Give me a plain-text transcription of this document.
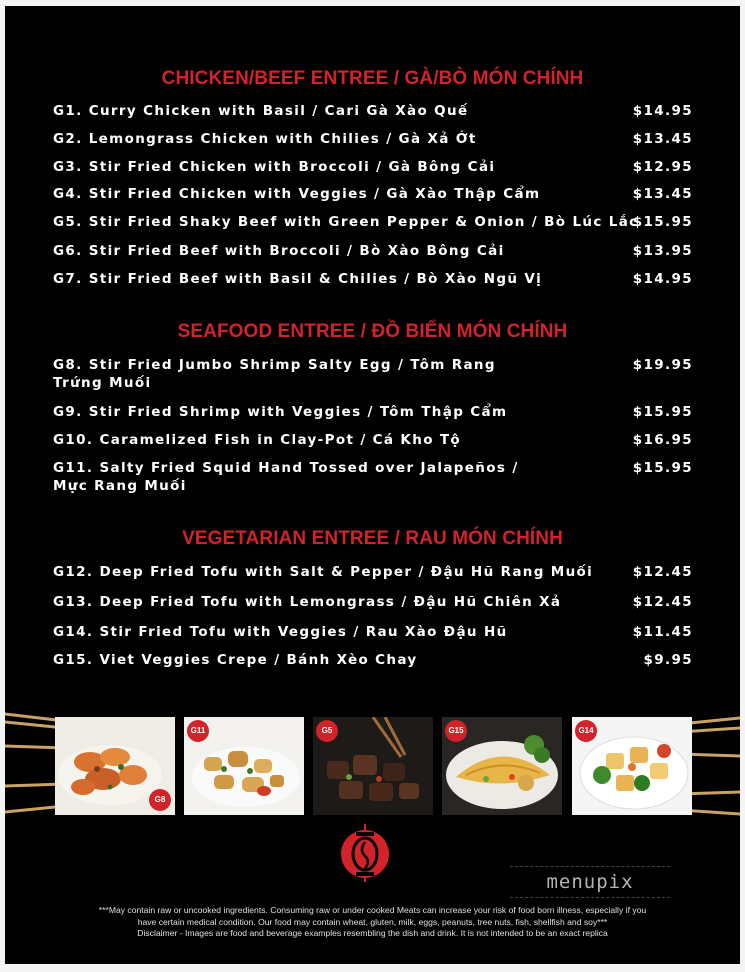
CHICKEN/BEEF ENTREE / GÀ/BÒ MÓN CHÍNH
G1. Curry Chicken with Basil / Cari Gà Xào Quế	$14.95
G2. Lemongrass Chicken with Chilies / Gà Xả Ớt	$13.45
G3. Stir Fried Chicken with Broccoli / Gà Bông Cải	$12.95
G4. Stir Fried Chicken with Veggies / Gà Xào Thập Cẩm	$13.45
G5. Stir Fried Shaky Beef with Green Pepper & Onion / Bò Lúc Lắc
$15.95
G6. Stir Fried Beef with Broccoli / Bò Xào Bông Cải	$13.95
G7. Stir Fried Beef with Basil & Chilies / Bò Xào Ngũ Vị	$14.95
SEAFOOD ENTREE / ĐỒ BIỂN MÓN CHÍNH
G8. Stir Fried Jumbo Shrimp Salty Egg / Tôm Rang
Trứng Muối
$19.95
G9. Stir Fried Shrimp with Veggies / Tôm Thập Cẩm	$15.95
G10. Caramelized Fish in Clay-Pot / Cá Kho Tộ	$16.95
G11. Salty Fried Squid Hand Tossed over Jalapeños /
Mực Rang Muối
$15.95
VEGETARIAN ENTREE / RAU MÓN CHÍNH
G12. Deep Fried Tofu with Salt & Pepper / Đậu Hũ Rang Muối	$12.45
G13. Deep Fried Tofu with Lemongrass / Đậu Hũ Chiên Xả	$12.45
G14. Stir Fried Tofu with Veggies / Rau Xào Đậu Hũ	$11.45
G15. Viet Veggies Crepe / Bánh Xèo Chay	$9.95
G8
G11	G5	G15	G14
menupix
***May contain raw or uncooked ingredients. Consuming raw or under cooked Meats can increase your risk of food born illness, especially if you
have certain medical condition. Our food may contain wheat, gluten, milk, eggs, peanuts, tree nuts, fish, shellfish and soy***
Disclaimer - Images are food and beverage examples resembling the dish and drink. It is not intended to be an exact replica
